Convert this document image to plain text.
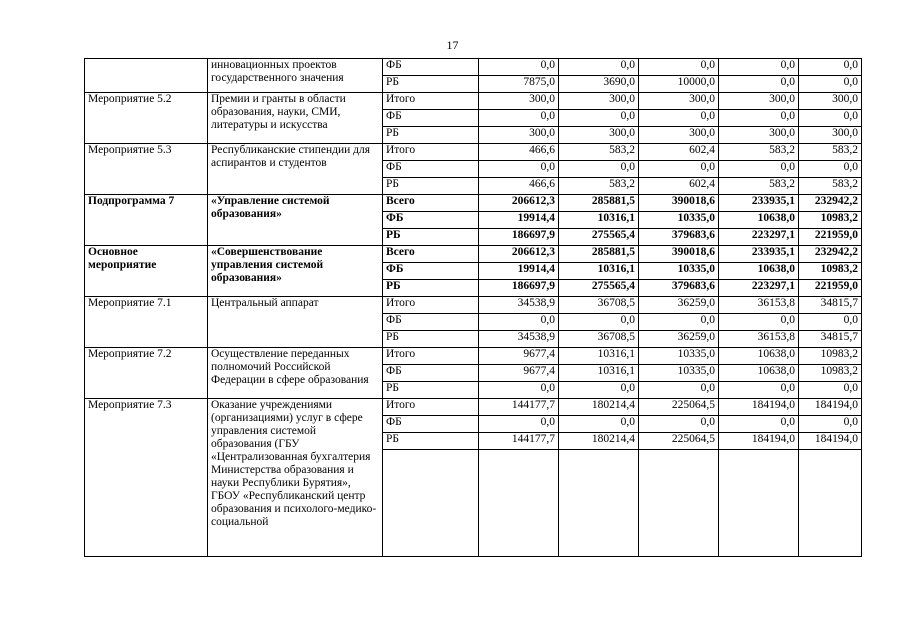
17
	инновационных проектов государственного значения	ФБ	0,0	0,0	0,0	0,0	0,0
		РБ	7875,0	3690,0	10000,0	0,0	0,0
Мероприятие 5.2	Премии и гранты в области образования, науки, СМИ, литературы и искусства	Итого	300,0	300,0	300,0	300,0	300,0
		ФБ	0,0	0,0	0,0	0,0	0,0
		РБ	300,0	300,0	300,0	300,0	300,0
Мероприятие 5.3	Республиканские стипендии для аспирантов и студентов	Итого	466,6	583,2	602,4	583,2	583,2
		ФБ	0,0	0,0	0,0	0,0	0,0
		РБ	466,6	583,2	602,4	583,2	583,2
Подпрограмма 7	«Управление системой образования»	Всего	206612,3	285881,5	390018,6	233935,1	232942,2
		ФБ	19914,4	10316,1	10335,0	10638,0	10983,2
		РБ	186697,9	275565,4	379683,6	223297,1	221959,0
Основное мероприятие	«Совершенствование управления системой образования»	Всего	206612,3	285881,5	390018,6	233935,1	232942,2
		ФБ	19914,4	10316,1	10335,0	10638,0	10983,2
		РБ	186697,9	275565,4	379683,6	223297,1	221959,0
Мероприятие 7.1	Центральный аппарат	Итого	34538,9	36708,5	36259,0	36153,8	34815,7
		ФБ	0,0	0,0	0,0	0,0	0,0
		РБ	34538,9	36708,5	36259,0	36153,8	34815,7
Мероприятие 7.2	Осуществление переданных полномочий Российской Федерации в сфере образования	Итого	9677,4	10316,1	10335,0	10638,0	10983,2
		ФБ	9677,4	10316,1	10335,0	10638,0	10983,2
		РБ	0,0	0,0	0,0	0,0	0,0
Мероприятие 7.3	Оказание учреждениями (организациями) услуг в сфере управления системой образования (ГБУ «Централизованная бухгалтерия Министерства образования и науки Республики Бурятия», ГБОУ «Республиканский центр образования и психолого-медико-социальной	Итого	144177,7	180214,4	225064,5	184194,0	184194,0
		ФБ	0,0	0,0	0,0	0,0	0,0
		РБ	144177,7	180214,4	225064,5	184194,0	184194,0
